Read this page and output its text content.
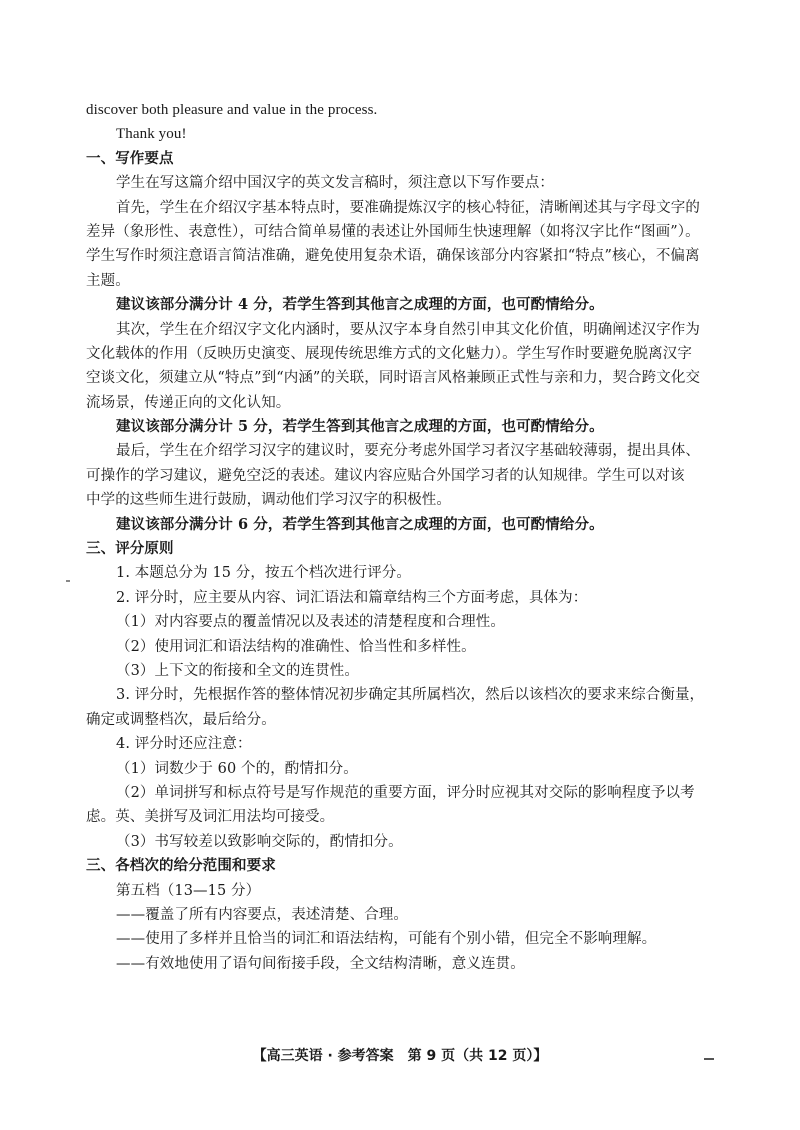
discover both pleasure and value in the process.
Thank you!
一、写作要点
学生在写这篇介绍中国汉字的英文发言稿时，须注意以下写作要点：
首先，学生在介绍汉字基本特点时，要准确提炼汉字的核心特征，清晰阐述其与字母文字的
差异（象形性、表意性），可结合简单易懂的表述让外国师生快速理解（如将汉字比作“图画”）。
学生写作时须注意语言简洁准确，避免使用复杂术语，确保该部分内容紧扣“特点”核心，不偏离
主题。
建议该部分满分计 4 分，若学生答到其他言之成理的方面，也可酌情给分。
其次，学生在介绍汉字文化内涵时，要从汉字本身自然引申其文化价值，明确阐述汉字作为
文化载体的作用（反映历史演变、展现传统思维方式的文化魅力）。学生写作时要避免脱离汉字
空谈文化，须建立从“特点”到“内涵”的关联，同时语言风格兼顾正式性与亲和力，契合跨文化交
流场景，传递正向的文化认知。
建议该部分满分计 5 分，若学生答到其他言之成理的方面，也可酌情给分。
最后，学生在介绍学习汉字的建议时，要充分考虑外国学习者汉字基础较薄弱，提出具体、
可操作的学习建议，避免空泛的表述。建议内容应贴合外国学习者的认知规律。学生可以对该
中学的这些师生进行鼓励，调动他们学习汉字的积极性。
建议该部分满分计 6 分，若学生答到其他言之成理的方面，也可酌情给分。
三、评分原则
1. 本题总分为 15 分，按五个档次进行评分。
2. 评分时，应主要从内容、词汇语法和篇章结构三个方面考虑，具体为：
（1）对内容要点的覆盖情况以及表述的清楚程度和合理性。
（2）使用词汇和语法结构的准确性、恰当性和多样性。
（3）上下文的衔接和全文的连贯性。
3. 评分时，先根据作答的整体情况初步确定其所属档次，然后以该档次的要求来综合衡量，
确定或调整档次，最后给分。
4. 评分时还应注意：
（1）词数少于 60 个的，酌情扣分。
（2）单词拼写和标点符号是写作规范的重要方面，评分时应视其对交际的影响程度予以考
虑。英、美拼写及词汇用法均可接受。
（3）书写较差以致影响交际的，酌情扣分。
三、各档次的给分范围和要求
第五档（13—15 分）
——覆盖了所有内容要点，表述清楚、合理。
——使用了多样并且恰当的词汇和语法结构，可能有个别小错，但完全不影响理解。
——有效地使用了语句间衔接手段，全文结构清晰，意义连贯。
【高三英语 · 参考答案　第 9 页（共 12 页）】
